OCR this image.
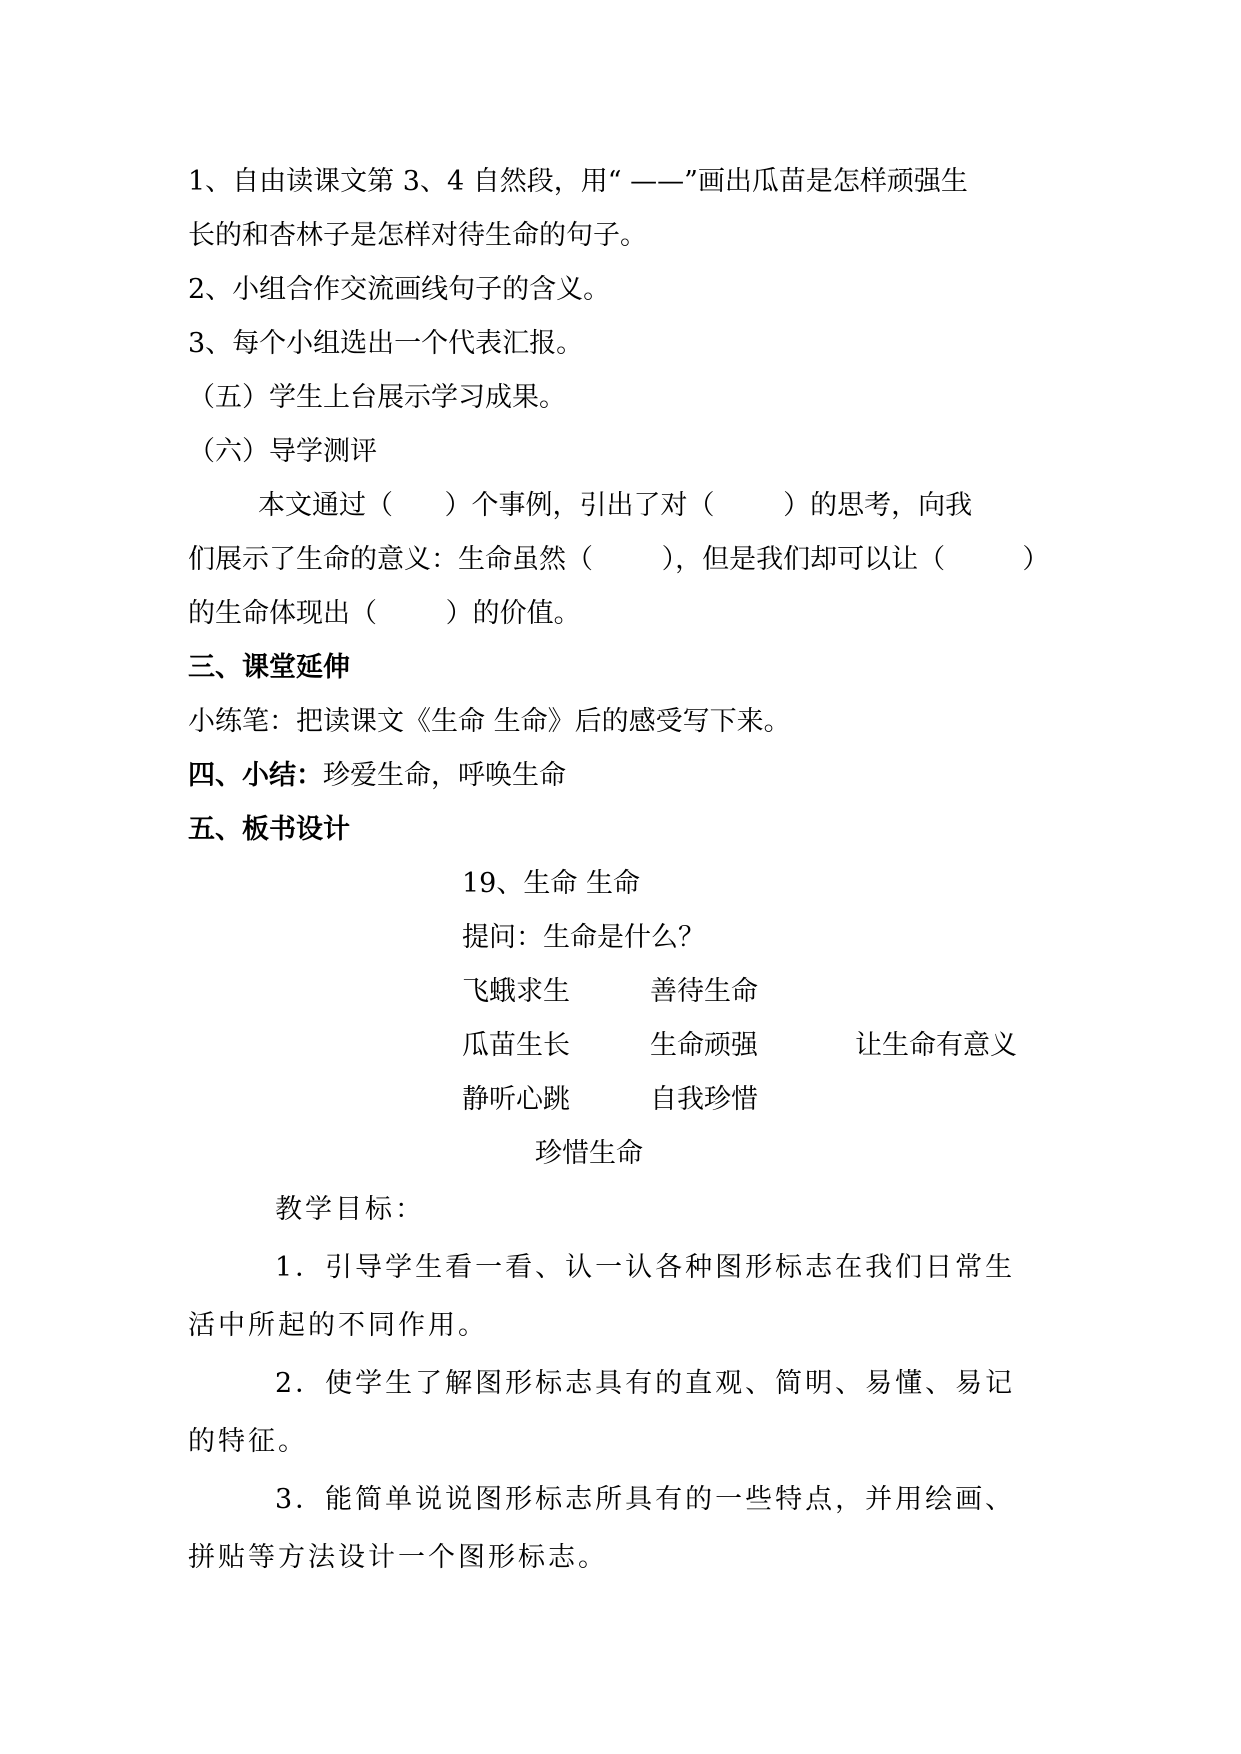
1、自由读课文第 3、4 自然段，用“ ——”画出瓜苗是怎样顽强生
长的和杏林子是怎样对待生命的句子。
2、小组合作交流画线句子的含义。
3、每个小组选出一个代表汇报。
（五）学生上台展示学习成果。
（六）导学测评
本文通过（      ）个事例，引出了对（        ）的思考，向我
们展示了生命的意义：生命虽然（        ），但是我们却可以让（         ）
的生命体现出（        ）的价值。
三、课堂延伸
小练笔：把读课文《生命 生命》后的感受写下来。
四、小结：珍爱生命，呼唤生命
五、板书设计
19、生命 生命
提问：生命是什么？
飞蛾求生	善待生命
瓜苗生长	生命顽强	让生命有意义
静听心跳	自我珍惜
珍惜生命
教学目标：
1．引导学生看一看、认一认各种图形标志在我们日常生
活中所起的不同作用。
2．使学生了解图形标志具有的直观、简明、易懂、易记
的特征。
3．能简单说说图形标志所具有的一些特点，并用绘画、
拼贴等方法设计一个图形标志。
